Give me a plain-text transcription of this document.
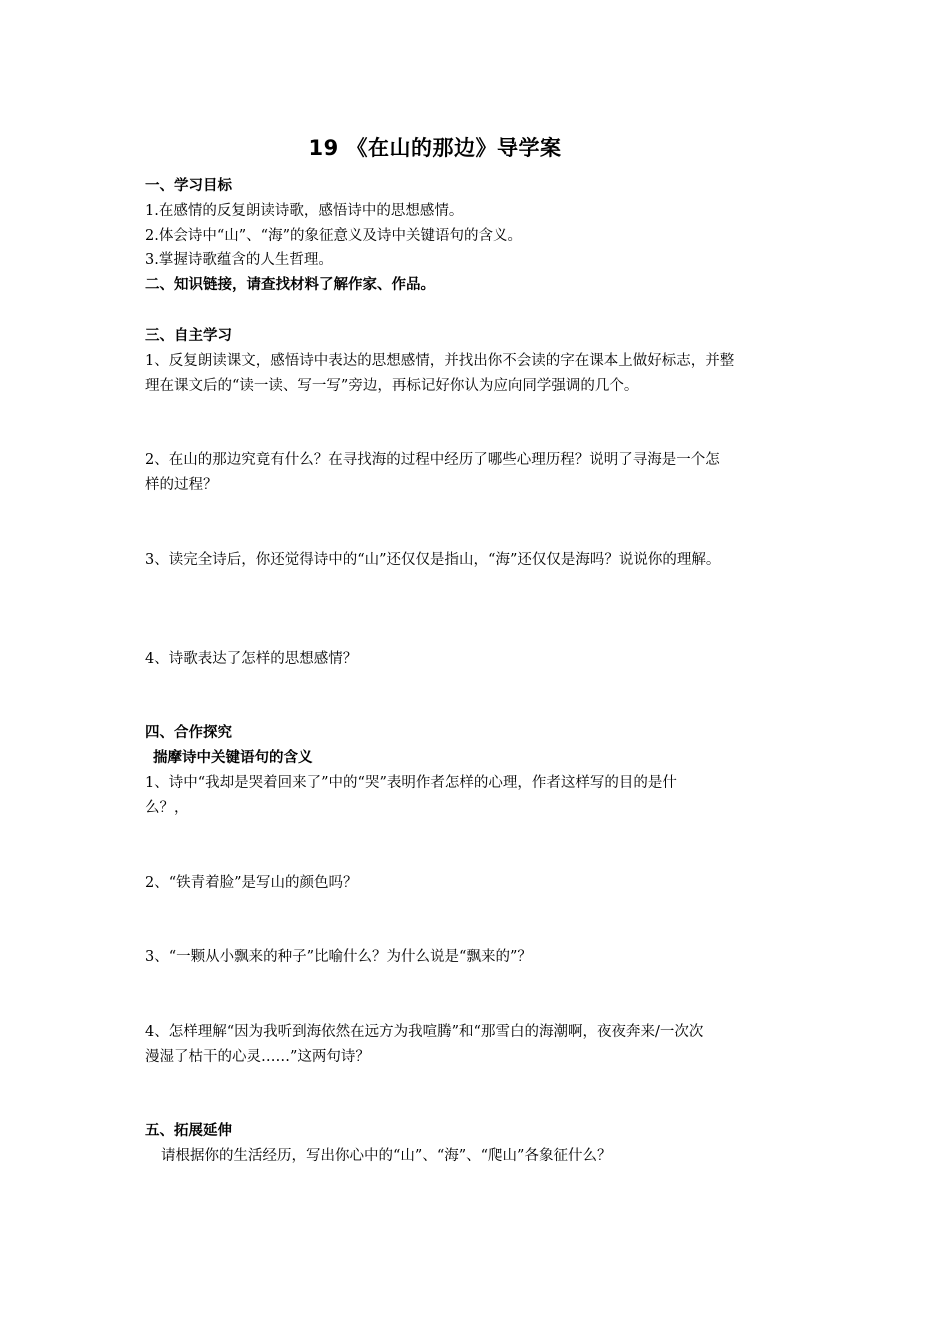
19 《在山的那边》导学案
一、学习目标
1.在感情的反复朗读诗歌，感悟诗中的思想感情。
2.体会诗中“山”、“海”的象征意义及诗中关键语句的含义。
3.掌握诗歌蕴含的人生哲理。
二、知识链接，请查找材料了解作家、作品。
三、自主学习
1、反复朗读课文，感悟诗中表达的思想感情，并找出你不会读的字在课本上做好标志，并整
理在课文后的“读一读、写一写”旁边，再标记好你认为应向同学强调的几个。
2、在山的那边究竟有什么？在寻找海的过程中经历了哪些心理历程？说明了寻海是一个怎
样的过程？
3、读完全诗后，你还觉得诗中的“山”还仅仅是指山，“海”还仅仅是海吗？说说你的理解。
4、诗歌表达了怎样的思想感情？
四、合作探究
揣摩诗中关键语句的含义
1、诗中“我却是哭着回来了”中的“哭”表明作者怎样的心理，作者这样写的目的是什
么？，
2、“铁青着脸”是写山的颜色吗？
3、“一颗从小飘来的种子”比喻什么？为什么说是“飘来的”？
4、怎样理解“因为我听到海依然在远方为我喧腾”和“那雪白的海潮啊，夜夜奔来/一次次
漫湿了枯干的心灵……”这两句诗？
五、拓展延伸
请根据你的生活经历，写出你心中的“山”、“海”、“爬山”各象征什么？
